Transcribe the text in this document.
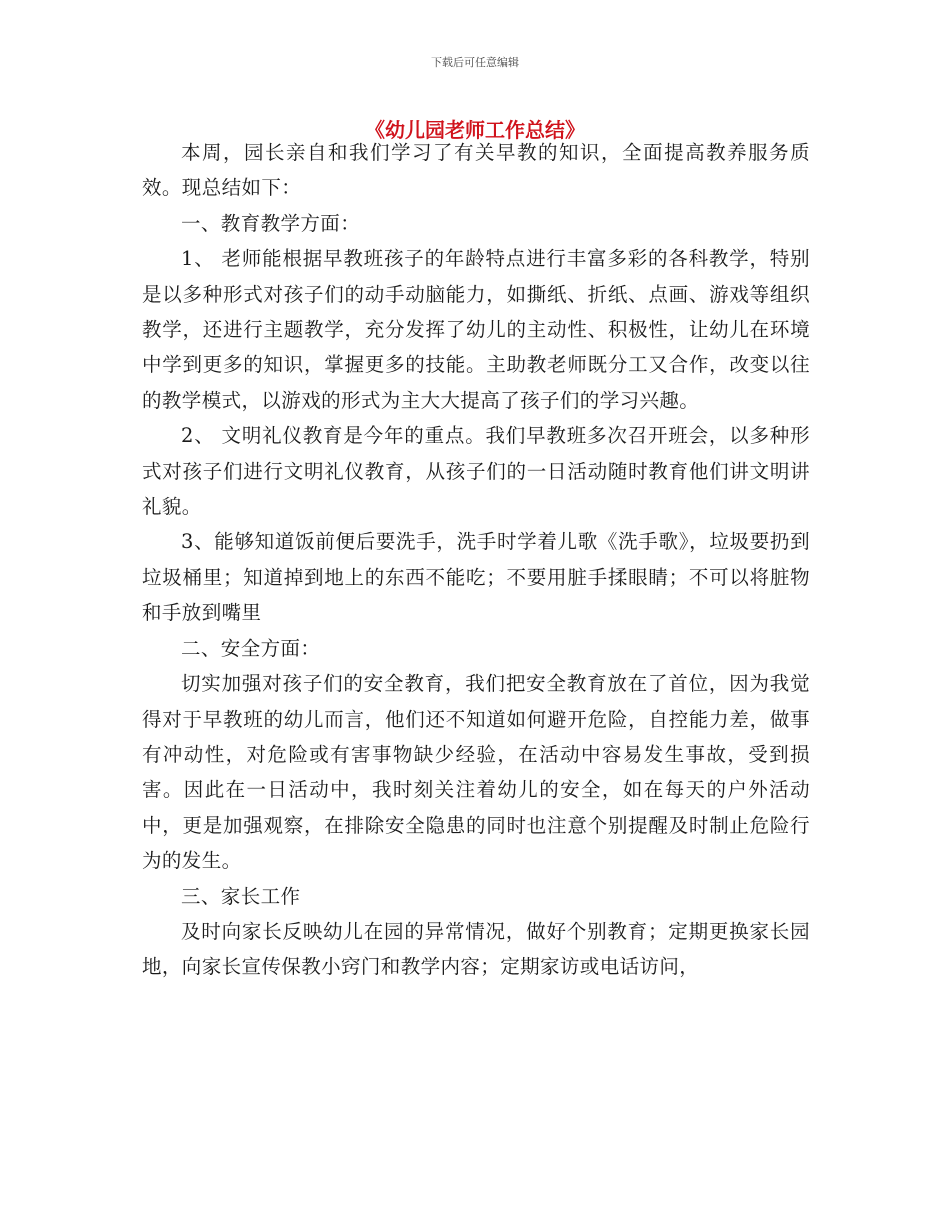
下载后可任意编辑
《幼儿园老师工作总结》

本周，园长亲自和我们学习了有关早教的知识，全面提高教养服务质效。现总结如下：

一、教育教学方面：

1、 老师能根据早教班孩子的年龄特点进行丰富多彩的各科教学，特别是以多种形式对孩子们的动手动脑能力，如撕纸、折纸、点画、游戏等组织教学，还进行主题教学，充分发挥了幼儿的主动性、积极性，让幼儿在环境中学到更多的知识，掌握更多的技能。主助教老师既分工又合作，改变以往的教学模式，以游戏的形式为主大大提高了孩子们的学习兴趣。

2、 文明礼仪教育是今年的重点。我们早教班多次召开班会，以多种形式对孩子们进行文明礼仪教育，从孩子们的一日活动随时教育他们讲文明讲礼貌。

3、能够知道饭前便后要洗手，洗手时学着儿歌《洗手歌》，垃圾要扔到垃圾桶里；知道掉到地上的东西不能吃；不要用脏手揉眼睛；不可以将脏物和手放到嘴里

二、安全方面：

切实加强对孩子们的安全教育，我们把安全教育放在了首位，因为我觉得对于早教班的幼儿而言，他们还不知道如何避开危险，自控能力差，做事有冲动性，对危险或有害事物缺少经验，在活动中容易发生事故，受到损害。因此在一日活动中，我时刻关注着幼儿的安全，如在每天的户外活动中，更是加强观察，在排除安全隐患的同时也注意个别提醒及时制止危险行为的发生。

三、家长工作

及时向家长反映幼儿在园的异常情况，做好个别教育；定期更换家长园地，向家长宣传保教小窍门和教学内容；定期家访或电话访问，
